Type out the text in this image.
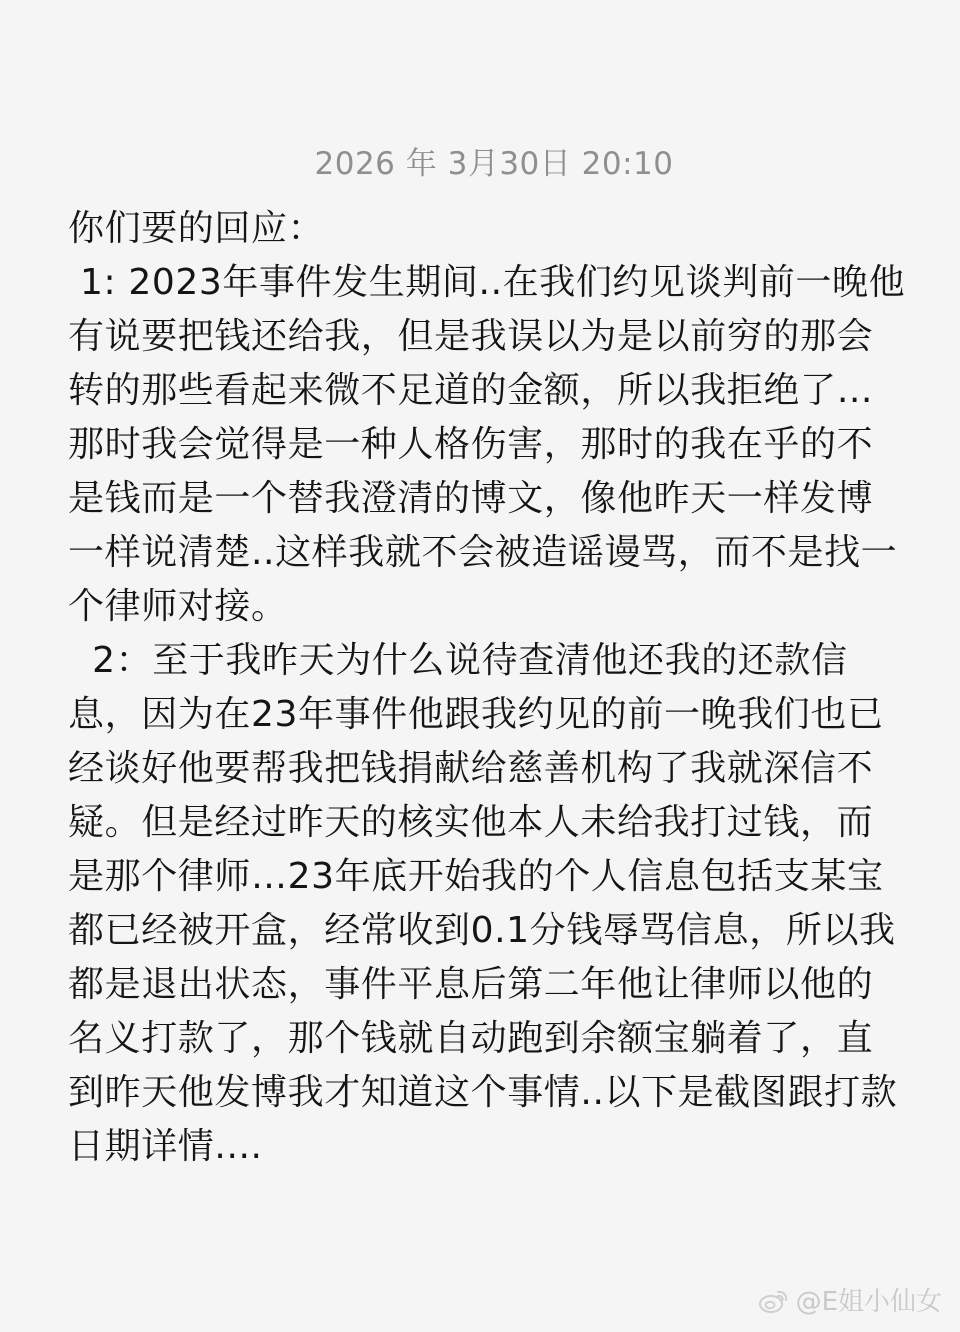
2026 年 3月30日 20:10
你们要的回应：
1: 2023年事件发生期间..在我们约见谈判前一晚他
有说要把钱还给我，但是我误以为是以前穷的那会
转的那些看起来微不足道的金额，所以我拒绝了…
那时我会觉得是一种人格伤害，那时的我在乎的不
是钱而是一个替我澄清的博文，像他昨天一样发博
一样说清楚..这样我就不会被造谣谩骂，而不是找一
个律师对接。
2：至于我昨天为什么说待查清他还我的还款信
息，因为在23年事件他跟我约见的前一晚我们也已
经谈好他要帮我把钱捐献给慈善机构了我就深信不
疑。但是经过昨天的核实他本人未给我打过钱，而
是那个律师…23年底开始我的个人信息包括支某宝
都已经被开盒，经常收到0.1分钱辱骂信息，所以我
都是退出状态，事件平息后第二年他让律师以他的
名义打款了，那个钱就自动跑到余额宝躺着了，直
到昨天他发博我才知道这个事情..以下是截图跟打款
日期详情....
@E姐小仙女
